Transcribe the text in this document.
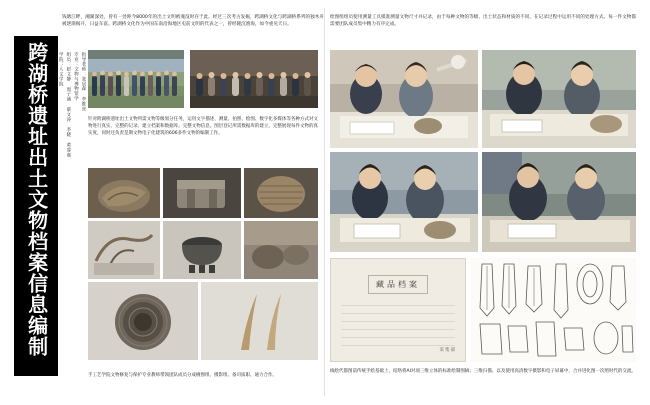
跨湖桥遗址出土文物档案信息编制
钱塘江畔，湘湖深处，曾有一处距今8000年的出土文明被淹没时存于此。经过三次考古发掘，跨湖桥文化与跨湖桥系列的独木舟被逐渐揭开，日益车富。跨湖桥文化作为中国东南沿海地区史前文明的代表之一，曾经隆沉渔海，如今重见天日。
指导老师：张居森 李维亮
专业：文物与博物馆学
组员：赵文静 周子涵 蔡文涛 李晓 黄睿嘉
学院：人文学院
针对跨湖桥遗址出土文物所需文物等级划分任务，运用文字描述、测量、拍照、绘图、数字化多媒体等各种方式对文物进行真实、完整的记录、建立档案和数据库。完整文物信息。图层登记所需数据库的建立，完整展现每件文物的真实度，同时还负责是期文物电子化建筑的606多件文物的编制工作。
手工艺学院文物修复与保护专业教师带领团队成员分成檢图组、摄影组、备司质职、通力合作。
绘图组组员使用测量工具模准测量文物尺寸并记录，由于每种文物的等级、出土状态和材质的不同，在记录过程中运用不同的处理方式。每一件文物都需要团队成员集中精力有序完成。
藏品档案
采集部
线绘代都图前传统手绘基础上，结络将AI对项三维立体的标准绘制图稿；三维扫描、以及使用高清数字摄影和电子屏幕中，合并进化图一次照时代的交流。
